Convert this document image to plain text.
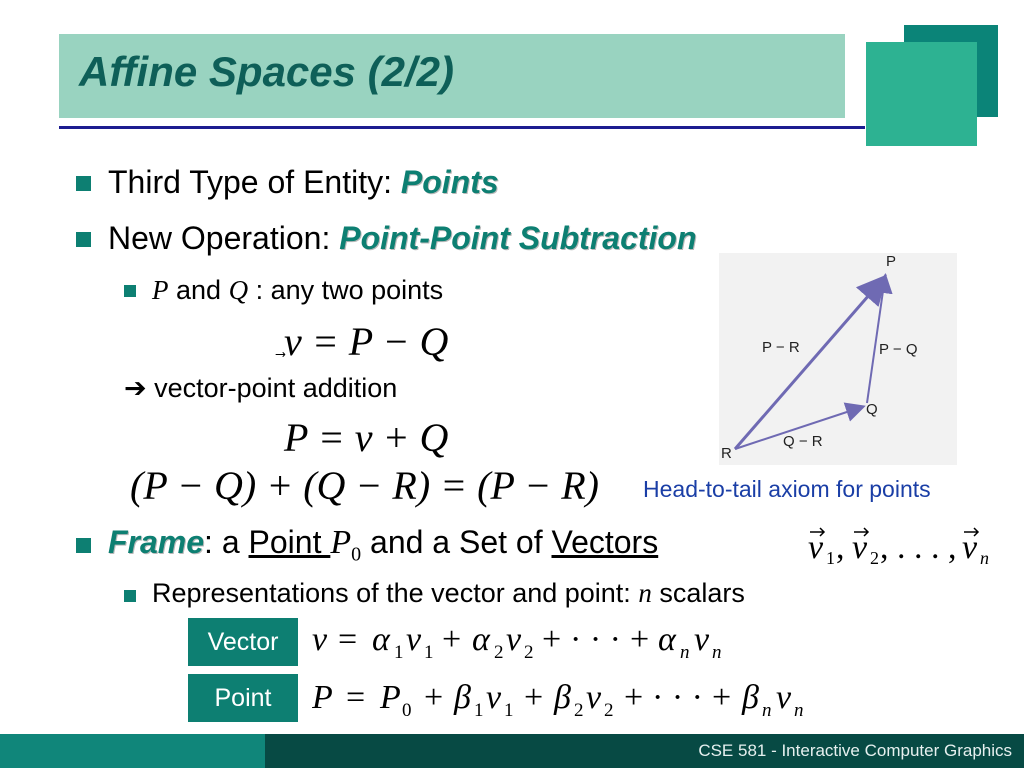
Affine Spaces (2/2)
Third Type of Entity: Points
New Operation: Point-Point Subtraction
P and Q : any two points
v = P − Q
➔ vector-point addition
P = v + Q
(P − Q) + (Q − R) = (P − R)
P
Q
R
P − R	P − Q
Q − R
Head-to-tail axiom for points
Frame: a Point $P_0$ and a Set of Vectors	v 1 , v 2 , . . . , v n
Representations of the vector and point: n scalars
Vector v = α 1 v 1 + α 2 v 2 + · · · + α n v n
Point	P = P 0 + β 1 v 1 + β 2 v 2 + · · · + β n v n
CSE 581 - Interactive Computer Graphics
